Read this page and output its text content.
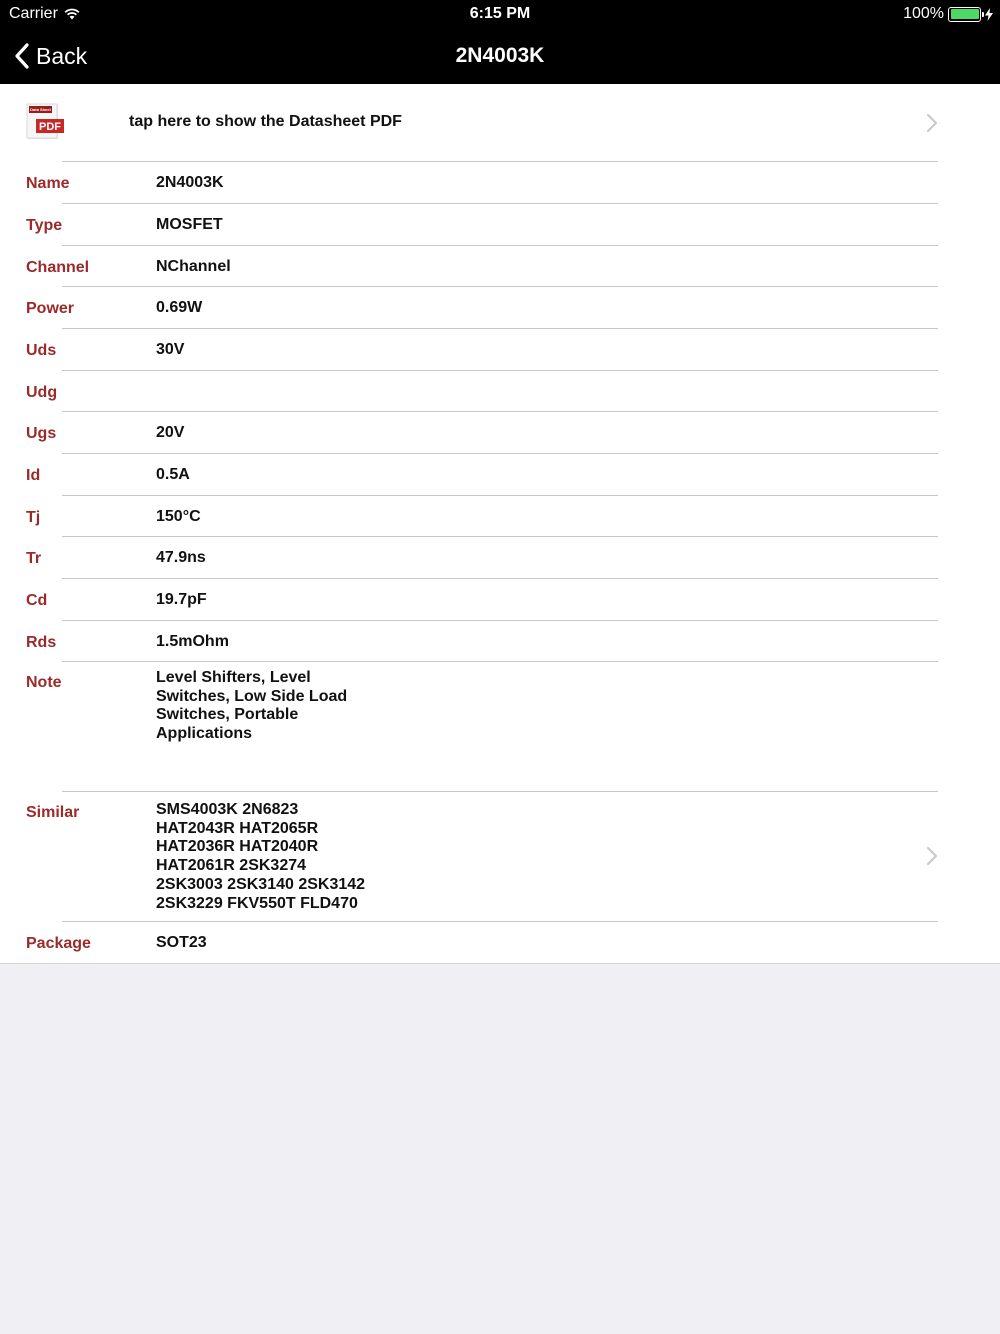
Carrier	6:15 PM	100%
Back	2N4003K
Data Sheet
PDF	tap here to show the Datasheet PDF
Name	2N4003K
Type	MOSFET
Channel	NChannel
Power	0.69W
Uds	30V
Udg
Ugs	20V
Id	0.5A
Tj	150°C
Tr	47.9ns
Cd	19.7pF
Rds	1.5mOhm
Note	Level Shifters, Level
Switches, Low Side Load
Switches, Portable
Applications
Similar	SMS4003K 2N6823
HAT2043R HAT2065R
HAT2036R HAT2040R
HAT2061R 2SK3274
2SK3003 2SK3140 2SK3142
2SK3229 FKV550T FLD470
Package	SOT23
